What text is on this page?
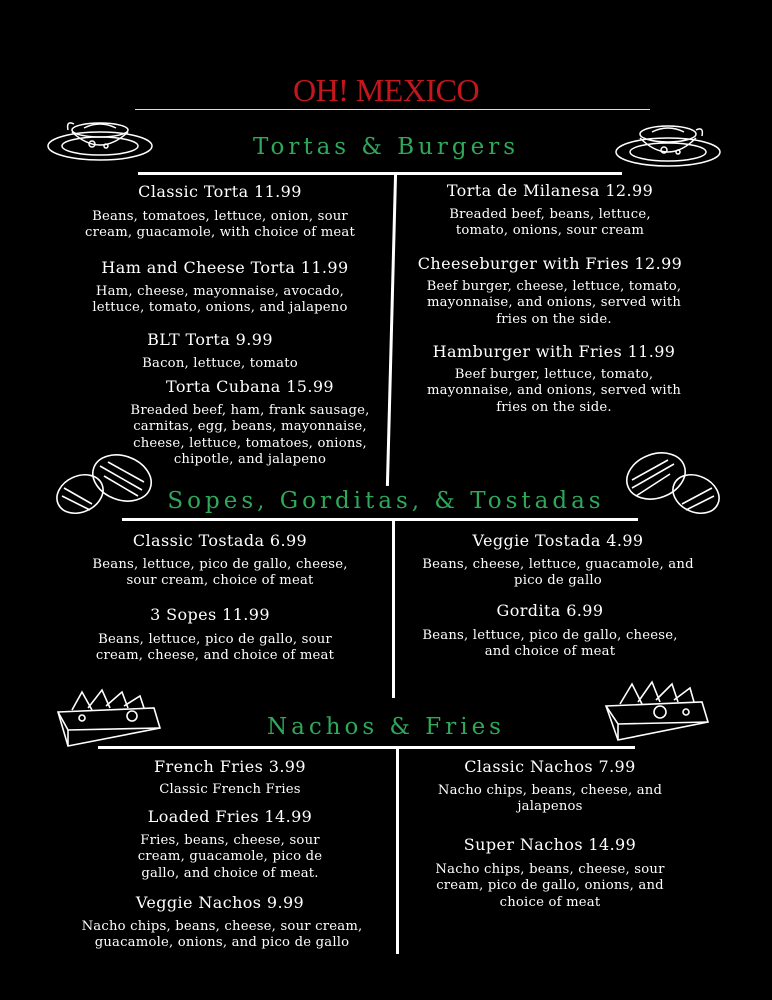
OH! MEXICO
Tortas & Burgers
Classic Torta 11.99
Beans, tomatoes, lettuce, onion, sour
cream, guacamole, with choice of meat
Ham and Cheese Torta 11.99
Ham, cheese, mayonnaise, avocado,
lettuce, tomato, onions, and jalapeno
BLT Torta 9.99
Bacon, lettuce, tomato
Torta Cubana 15.99
Breaded beef, ham, frank sausage,
carnitas, egg, beans, mayonnaise,
cheese, lettuce, tomatoes, onions,
chipotle, and jalapeno
Torta de Milanesa 12.99
Breaded beef, beans, lettuce,
tomato, onions, sour cream
Cheeseburger with Fries 12.99
Beef burger, cheese, lettuce, tomato,
mayonnaise, and onions, served with
fries on the side.
Hamburger with Fries 11.99
Beef burger, lettuce, tomato,
mayonnaise, and onions, served with
fries on the side.
Sopes, Gorditas, & Tostadas
Classic Tostada 6.99
Beans, lettuce, pico de gallo, cheese,
sour cream, choice of meat
3 Sopes 11.99
Beans, lettuce, pico de gallo, sour
cream, cheese, and choice of meat
Veggie Tostada 4.99
Beans, cheese, lettuce, guacamole, and
pico de gallo
Gordita 6.99
Beans, lettuce, pico de gallo, cheese,
and choice of meat
Nachos & Fries
French Fries 3.99
Classic French Fries
Loaded Fries 14.99
Fries, beans, cheese, sour
cream, guacamole, pico de
gallo, and choice of meat.
Veggie Nachos 9.99
Nacho chips, beans, cheese, sour cream,
guacamole, onions, and pico de gallo
Classic Nachos 7.99
Nacho chips, beans, cheese, and
jalapenos
Super Nachos 14.99
Nacho chips, beans, cheese, sour
cream, pico de gallo, onions, and
choice of meat
